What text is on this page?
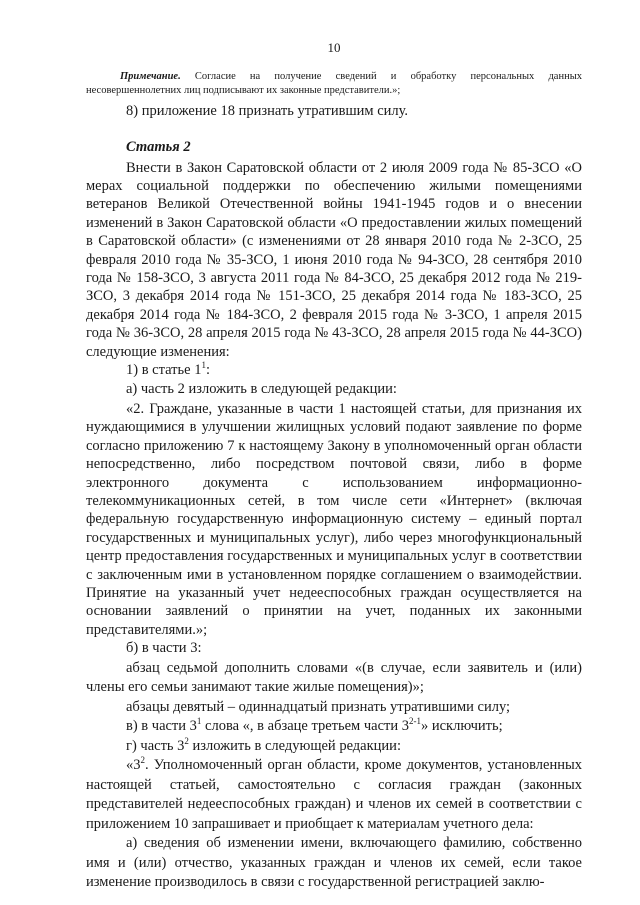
10
Примечание. Согласие на получение сведений и обработку персональных данных несовершеннолетних лиц подписывают их законные представители.»;

8) приложение 18 признать утратившим силу.

Статья 2

Внести в Закон Саратовской области от 2 июля 2009 года № 85-ЗСО «О мерах социальной поддержки по обеспечению жилыми помещениями ветеранов Великой Отечественной войны 1941-1945 годов и о внесении изменений в Закон Саратовской области «О предоставлении жилых помещений в Саратовской области» (с изменениями от 28 января 2010 года № 2-ЗСО, 25 февраля 2010 года № 35-ЗСО, 1 июня 2010 года № 94-ЗСО, 28 сентября 2010 года № 158-ЗСО, 3 августа 2011 года № 84-ЗСО, 25 декабря 2012 года № 219-ЗСО, 3 декабря 2014 года № 151-ЗСО, 25 декабря 2014 года № 183-ЗСО, 25 декабря 2014 года № 184-ЗСО, 2 февраля 2015 года № 3-ЗСО, 1 апреля 2015 года № 36-ЗСО, 28 апреля 2015 года № 43-ЗСО, 28 апреля 2015 года № 44-ЗСО) следующие изменения:

1) в статье $1^1$:

а) часть 2 изложить в следующей редакции:

«2. Граждане, указанные в части 1 настоящей статьи, для признания их нуждающимися в улучшении жилищных условий подают заявление по форме согласно приложению 7 к настоящему Закону в уполномоченный орган области непосредственно, либо посредством почтовой связи, либо в форме электронного документа с использованием информационно-телекоммуникационных сетей, в том числе сети «Интернет» (включая федеральную государственную информационную систему – единый портал государственных и муниципальных услуг), либо через многофункциональный центр предоставления государственных и муниципальных услуг в соответствии с заключенным ими в установленном порядке соглашением о взаимодействии. Принятие на указанный учет недееспособных граждан осуществляется на основании заявлений о принятии на учет, поданных их законными представителями.»;

б) в части 3:

абзац седьмой дополнить словами «(в случае, если заявитель и (или) члены его семьи занимают такие жилые помещения)»;

абзацы девятый – одиннадцатый признать утратившими силу;

в) в части $3^1$ слова «, в абзаце третьем части 3$^{2-1}$» исключить;

г) часть $3^2$ изложить в следующей редакции:

«$3^2$. Уполномоченный орган области, кроме документов, установленных настоящей статьей, самостоятельно с согласия граждан (законных представителей недееспособных граждан) и членов их семей в соответствии с приложением 10 запрашивает и приобщает к материалам учетного дела:

а) сведения об изменении имени, включающего фамилию, собственно имя и (или) отчество, указанных граждан и членов их семей, если такое изменение производилось в связи с государственной регистрацией заклю-
